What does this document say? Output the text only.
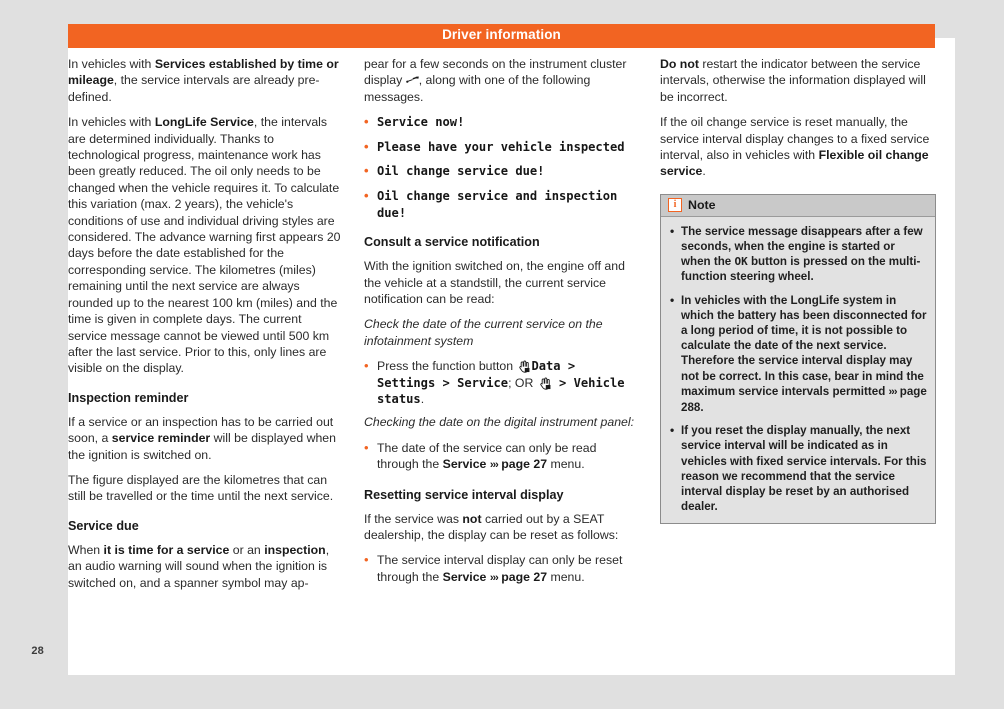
28
Driver information

In vehicles with Services established by time or mileage, the service intervals are already pre-defined.

In vehicles with LongLife Service, the intervals are determined individually. Thanks to technological progress, maintenance work has been greatly reduced. The oil only needs to be changed when the vehicle requires it. To calculate this variation (max. 2 years), the vehicle's conditions of use and individual driving styles are considered. The advance warning first appears 20 days before the date established for the corresponding service. The kilometres (miles) remaining until the next service are always rounded up to the nearest 100 km (miles) and the time is given in complete days. The current service message cannot be viewed until 500 km after the last service. Prior to this, only lines are visible on the display.

Inspection reminder

If a service or an inspection has to be carried out soon, a service reminder will be displayed when the ignition is switched on.

The figure displayed are the kilometres that can still be travelled or the time until the next service.

Service due

When it is time for a service or an inspection, an audio warning will sound when the ignition is switched on, and a spanner symbol may ap-

pear for a few seconds on the instrument cluster display , along with one of the following messages.

• Service now!
• Please have your vehicle inspected
• Oil change service due!
• Oil change service and inspection due!
Consult a service notification

With the ignition switched on, the engine off and the vehicle at a standstill, the current service notification can be read:

Check the date of the current service on the infotainment system

• Press the function button Data > Settings > Service; OR  > Vehicle status.

Checking the date on the digital instrument panel:

• The date of the service can only be read through the Service ››› page 27 menu.
Resetting service interval display

If the service was not carried out by a SEAT dealership, the display can be reset as follows:

• The service interval display can only be reset through the Service ››› page 27 menu.

Do not restart the indicator between the service intervals, otherwise the information displayed will be incorrect.

If the oil change service is reset manually, the service interval display changes to a fixed service interval, also in vehicles with Flexible oil change service.

i Note
• The service message disappears after a few seconds, when the engine is started or when the OK button is pressed on the multi-function steering wheel.
• In vehicles with the LongLife system in which the battery has been disconnected for a long period of time, it is not possible to calculate the date of the next service. Therefore the service interval display may not be correct. In this case, bear in mind the maximum service intervals permitted ››› page 288.
• If you reset the display manually, the next service interval will be indicated as in vehicles with fixed service intervals. For this reason we recommend that the service interval display be reset by an authorised dealer.
